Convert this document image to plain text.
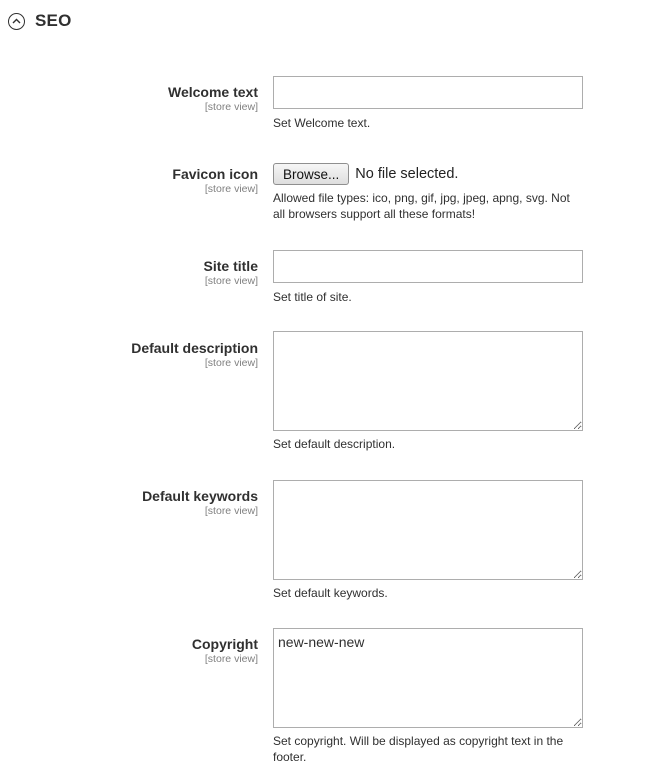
SEO
Welcome text
[store view]
Set Welcome text.
Favicon icon
[store view]
Browse...	No file selected.
Allowed file types: ico, png, gif, jpg, jpeg, apng, svg. Not all browsers support all these formats!
Site title
[store view]
Set title of site.
Default description
[store view]
Set default description.
Default keywords
[store view]
Set default keywords.
Copyright
[store view]
new-new-new
Set copyright. Will be displayed as copyright text in the footer.
